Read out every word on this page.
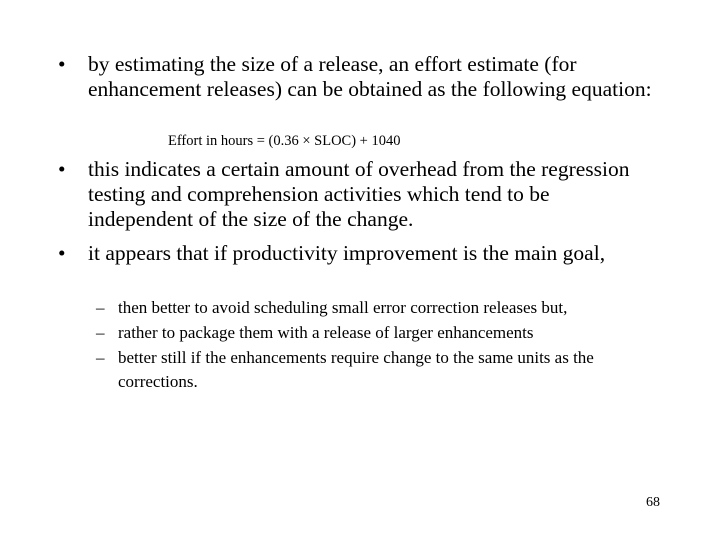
• by estimating the size of a release, an effort estimate (for enhancement releases) can be obtained as the following equation:
Effort in hours = (0.36 × SLOC) + 1040
• this indicates a certain amount of overhead from the regression testing and comprehension activities which tend to be independent of the size of the change.
• it appears that if productivity improvement is the main goal,
– then better to avoid scheduling small error correction releases but,
– rather to package them with a release of larger enhancements
– better still if the enhancements require change to the same units as the corrections.
68
